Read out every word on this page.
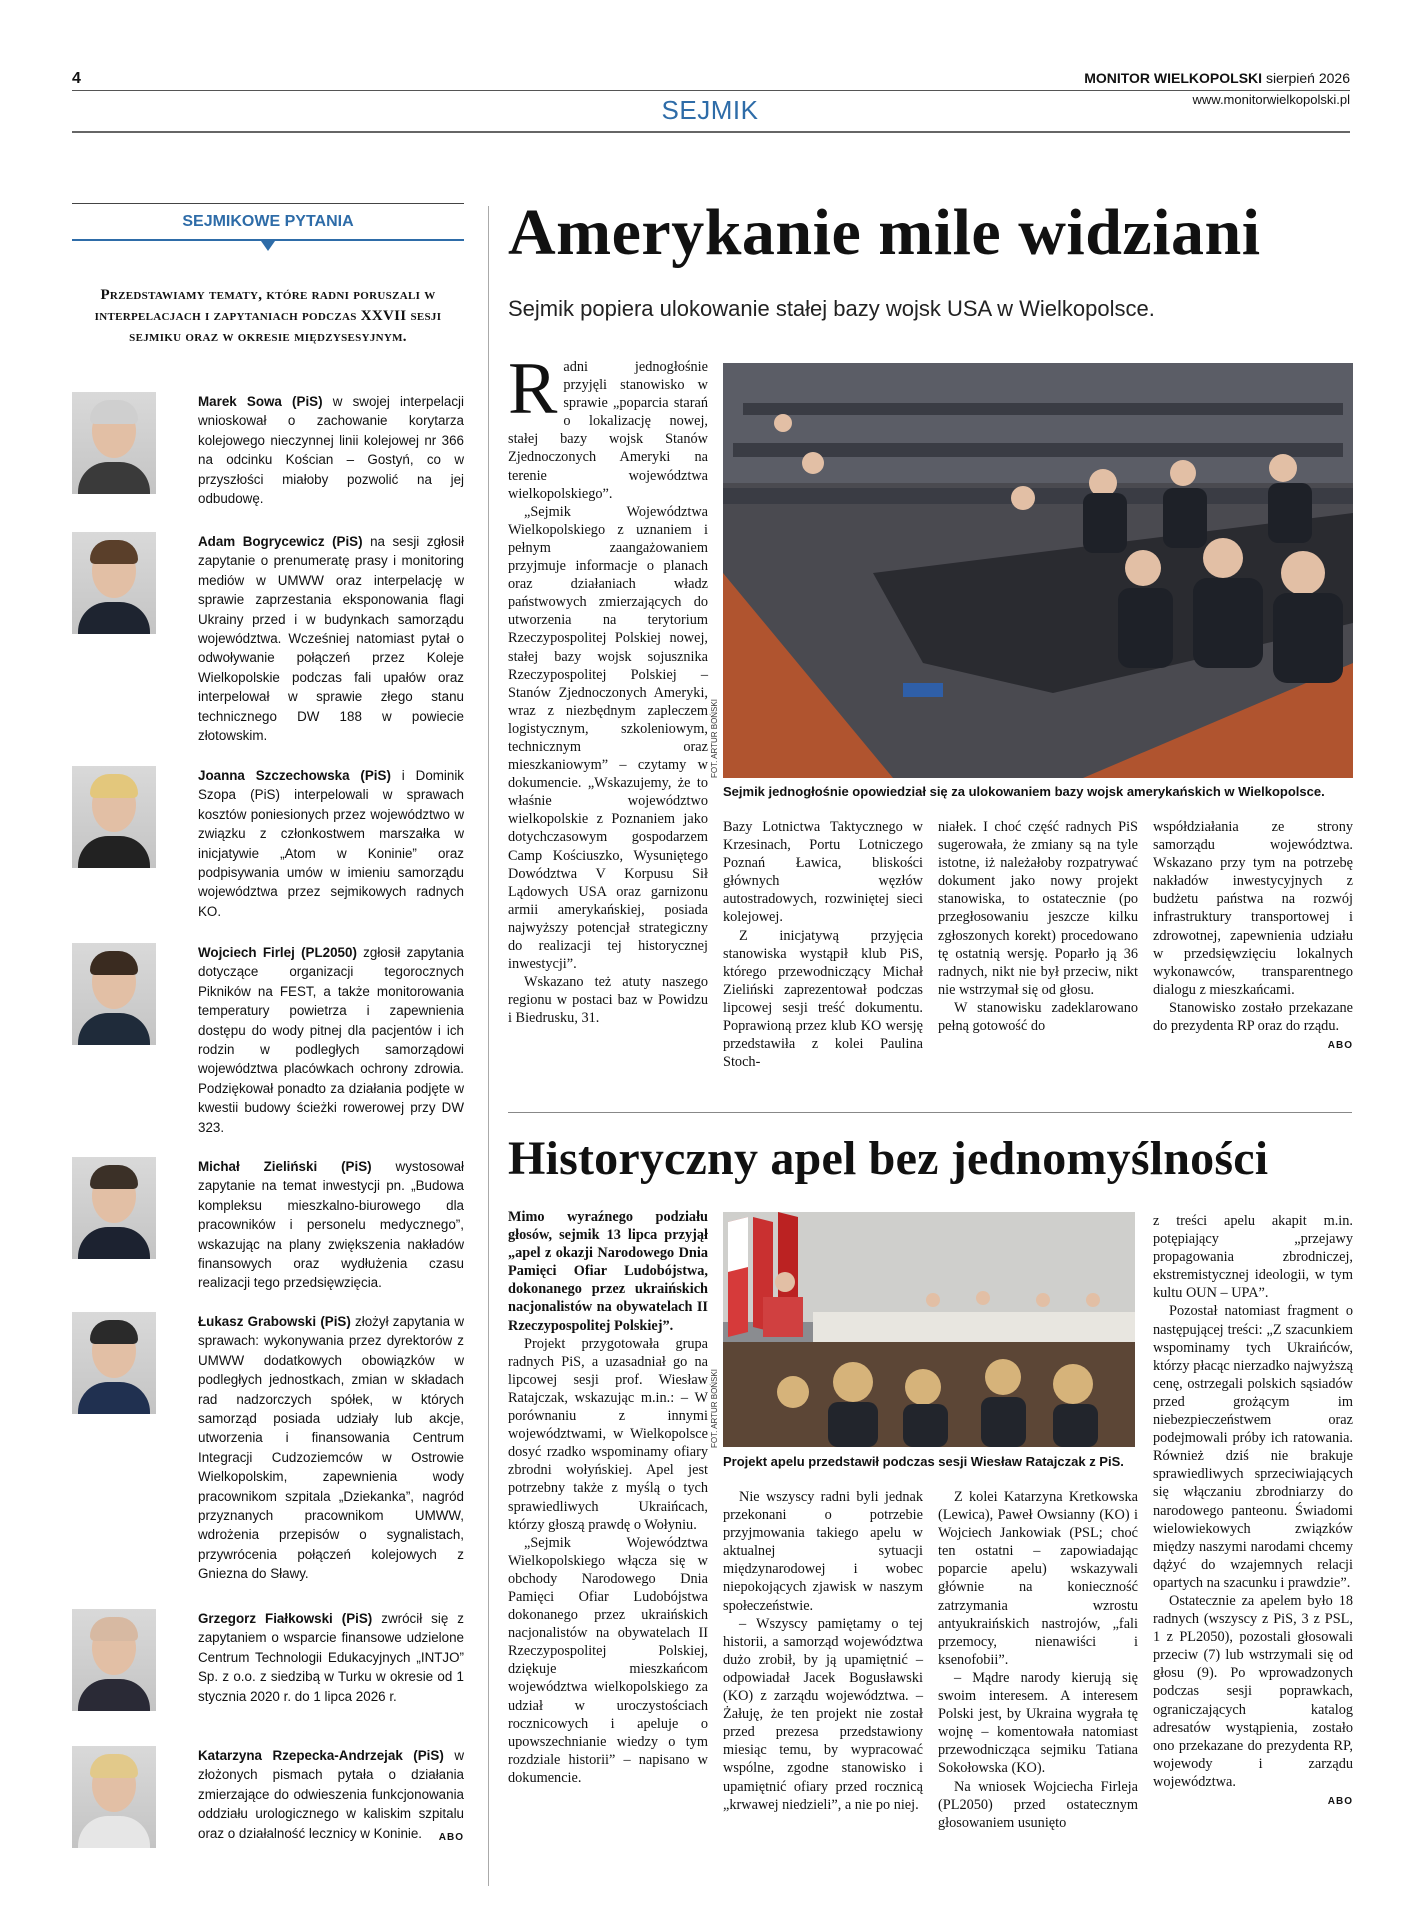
4	MONITOR WIELKOPOLSKI sierpień 2026
www.monitorwielkopolski.pl
SEJMIK
SEJMIKOWE PYTANIA
Przedstawiamy tematy, które radni poruszali w interpelacjach i zapytaniach podczas XXVII sesji sejmiku oraz w okresie międzysesyjnym.
Marek Sowa (PiS) w swojej interpelacji wnioskował o zachowanie korytarza kolejowego nieczynnej linii kolejowej nr 366 na odcinku Kościan – Gostyń, co w przyszłości miałoby pozwolić na jej odbudowę.
Adam Bogrycewicz (PiS) na sesji zgłosił zapytanie o prenumeratę prasy i monitoring mediów w UMWW oraz interpelację w sprawie zaprzestania eksponowania flagi Ukrainy przed i w budynkach samorządu województwa. Wcześniej natomiast pytał o odwoływanie połączeń przez Koleje Wielkopolskie podczas fali upałów oraz interpelował w sprawie złego stanu technicznego DW 188 w powiecie złotowskim.
Joanna Szczechowska (PiS) i Dominik Szopa (PiS) interpelowali w sprawach kosztów poniesionych przez województwo w związku z członkostwem marszałka w inicjatywie „Atom w Koninie” oraz podpisywania umów w imieniu samorządu województwa przez sejmikowych radnych KO.
Wojciech Firlej (PL2050) zgłosił zapytania dotyczące organizacji tegorocznych Pikników na FEST, a także monitorowania temperatury powietrza i zapewnienia dostępu do wody pitnej dla pacjentów i ich rodzin w podległych samorządowi województwa placówkach ochrony zdrowia. Podziękował ponadto za działania podjęte w kwestii budowy ścieżki rowerowej przy DW 323.
Michał Zieliński (PiS) wystosował zapytanie na temat inwestycji pn. „Budowa kompleksu mieszkalno-biurowego dla pracowników i personelu medycznego”, wskazując na plany zwiększenia nakładów finansowych oraz wydłużenia czasu realizacji tego przedsięwzięcia.
Łukasz Grabowski (PiS) złożył zapytania w sprawach: wykonywania przez dyrektorów z UMWW dodatkowych obowiązków w podległych jednostkach, zmian w składach rad nadzorczych spółek, w których samorząd posiada udziały lub akcje, utworzenia i finansowania Centrum Integracji Cudzoziemców w Ostrowie Wielkopolskim, zapewnienia wody pracownikom szpitala „Dziekanka”, nagród przyznanych pracownikom UMWW, wdrożenia przepisów o sygnalistach, przywrócenia połączeń kolejowych z Gniezna do Sławy.
Grzegorz Fiałkowski (PiS) zwrócił się z zapytaniem o wsparcie finansowe udzielone Centrum Technologii Edukacyjnych „INTJO” Sp. z o.o. z siedzibą w Turku w okresie od 1 stycznia 2020 r. do 1 lipca 2026 r.
Katarzyna Rzepecka-Andrzejak (PiS) w złożonych pismach pytała o działania zmierzające do odwieszenia funkcjonowania oddziału urologicznego w kaliskim szpitalu oraz o działalność lecznicy w Koninie. ABO
Amerykanie mile widziani
Sejmik popiera ulokowanie stałej bazy wojsk USA w Wielkopolsce.

Radni jednogłośnie przyjęli stanowisko w sprawie „poparcia starań o lokalizację nowej, stałej bazy wojsk Stanów Zjednoczonych Ameryki na terenie województwa wielkopolskiego”.

„Sejmik Województwa Wielkopolskiego z uznaniem i pełnym zaangażowaniem przyjmuje informacje o planach oraz działaniach władz państwowych zmierzających do utworzenia na terytorium Rzeczypospolitej Polskiej nowej, stałej bazy wojsk sojusznika Rzeczypospolitej Polskiej – Stanów Zjednoczonych Ameryki, wraz z niezbędnym zapleczem logistycznym, szkoleniowym, technicznym oraz mieszkaniowym” – czytamy w dokumencie. „Wskazujemy, że to właśnie województwo wielkopolskie z Poznaniem jako dotychczasowym gospodarzem Camp Kościuszko, Wysuniętego Dowództwa V Korpusu Sił Lądowych USA oraz garnizonu armii amerykańskiej, posiada najwyższy potencjał strategiczny do realizacji tej historycznej inwestycji”.

Wskazano też atuty naszego regionu w postaci baz w Powidzu i Biedrusku, 31.

FOT. ARTUR BOŃSKI
Sejmik jednogłośnie opowiedział się za ulokowaniem bazy wojsk amerykańskich w Wielkopolsce.

Bazy Lotnictwa Taktycznego w Krzesinach, Portu Lotniczego Poznań Ławica, bliskości głównych węzłów autostradowych, rozwiniętej sieci kolejowej.

Z inicjatywą przyjęcia stanowiska wystąpił klub PiS, którego przewodniczący Michał Zieliński zaprezentował podczas lipcowej sesji treść dokumentu. Poprawioną przez klub KO wersję przedstawiła z kolei Paulina Stoch-

niałek. I choć część radnych PiS sugerowała, że zmiany są na tyle istotne, iż należałoby rozpatrywać dokument jako nowy projekt stanowiska, to ostatecznie (po przegłosowaniu jeszcze kilku zgłoszonych korekt) procedowano tę ostatnią wersję. Poparło ją 36 radnych, nikt nie był przeciw, nikt nie wstrzymał się od głosu.

W stanowisku zadeklarowano pełną gotowość do

współdziałania ze strony samorządu województwa. Wskazano przy tym na potrzebę nakładów inwestycyjnych z budżetu państwa na rozwój infrastruktury transportowej i zdrowotnej, zapewnienia udziału w przedsięwzięciu lokalnych wykonawców, transparentnego dialogu z mieszkańcami.

Stanowisko zostało przekazane do prezydenta RP oraz do rządu.

ABO
Historyczny apel bez jednomyślności

Mimo wyraźnego podziału głosów, sejmik 13 lipca przyjął „apel z okazji Narodowego Dnia Pamięci Ofiar Ludobójstwa, dokonanego przez ukraińskich nacjonalistów na obywatelach II Rzeczypospolitej Polskiej”.

Projekt przygotowała grupa radnych PiS, a uzasadniał go na lipcowej sesji prof. Wiesław Ratajczak, wskazując m.in.: – W porównaniu z innymi województwami, w Wielkopolsce dosyć rzadko wspominamy ofiary zbrodni wołyńskiej. Apel jest potrzebny także z myślą o tych sprawiedliwych Ukraińcach, którzy głoszą prawdę o Wołyniu.

„Sejmik Województwa Wielkopolskiego włącza się w obchody Narodowego Dnia Pamięci Ofiar Ludobójstwa dokonanego przez ukraińskich nacjonalistów na obywatelach II Rzeczypospolitej Polskiej, dziękuje mieszkańcom województwa wielkopolskiego za udział w uroczystościach rocznicowych i apeluje o upowszechnianie wiedzy o tym rozdziale historii” – napisano w dokumencie.

FOT. ARTUR BOŃSKI
Projekt apelu przedstawił podczas sesji Wiesław Ratajczak z PiS.

Nie wszyscy radni byli jednak przekonani o potrzebie przyjmowania takiego apelu w aktualnej sytuacji międzynarodowej i wobec niepokojących zjawisk w naszym społeczeństwie.

– Wszyscy pamiętamy o tej historii, a samorząd województwa dużo zrobił, by ją upamiętnić – odpowiadał Jacek Bogusławski (KO) z zarządu województwa. – Żałuję, że ten projekt nie został przed prezesa przedstawiony miesiąc temu, by wypracować wspólne, zgodne stanowisko i upamiętnić ofiary przed rocznicą „krwawej niedzieli”, a nie po niej.

Z kolei Katarzyna Kretkowska (Lewica), Paweł Owsianny (KO) i Wojciech Jankowiak (PSL; choć ten ostatni – zapowiadając poparcie apelu) wskazywali głównie na konieczność zatrzymania wzrostu antyukraińskich nastrojów, „fali przemocy, nienawiści i ksenofobii”.

– Mądre narody kierują się swoim interesem. A interesem Polski jest, by Ukraina wygrała tę wojnę – komentowała natomiast przewodnicząca sejmiku Tatiana Sokołowska (KO).

Na wniosek Wojciecha Firleja (PL2050) przed ostatecznym głosowaniem usunięto

z treści apelu akapit m.in. potępiający „przejawy propagowania zbrodniczej, ekstremistycznej ideologii, w tym kultu OUN – UPA”.

Pozostał natomiast fragment o następującej treści: „Z szacunkiem wspominamy tych Ukraińców, którzy płacąc nierzadko najwyższą cenę, ostrzegali polskich sąsiadów przed grożącym im niebezpieczeństwem oraz podejmowali próby ich ratowania. Również dziś nie brakuje sprawiedliwych sprzeciwiających się włączaniu zbrodniarzy do narodowego panteonu. Świadomi wielowiekowych związków między naszymi narodami chcemy dążyć do wzajemnych relacji opartych na szacunku i prawdzie”.

Ostatecznie za apelem było 18 radnych (wszyscy z PiS, 3 z PSL, 1 z PL2050), pozostali głosowali przeciw (7) lub wstrzymali się od głosu (9). Po wprowadzonych podczas sesji poprawkach, ograniczających katalog adresatów wystąpienia, zostało ono przekazane do prezydenta RP, wojewody i zarządu województwa.

ABO
